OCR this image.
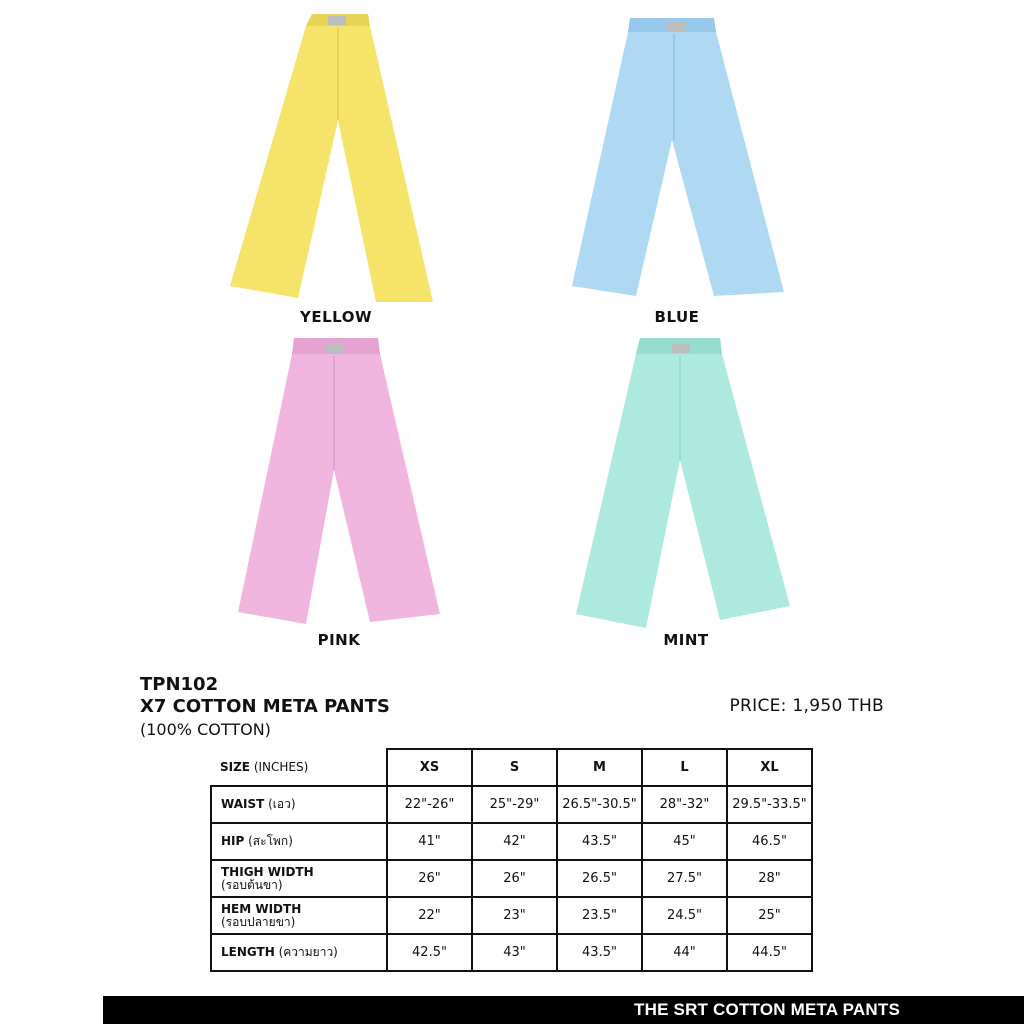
YELLOW	BLUE
PINK	MINT
TPN102
X7 COTTON META PANTS
(100% COTTON)
PRICE: 1,950 THB
SIZE (INCHES)	XS	S	M	L	XL
WAIST (เอว)	22"-26"	25"-29"	26.5"-30.5"	28"-32"	29.5"-33.5"
HIP (สะโพก)	41"	42"	43.5"	45"	46.5"
THIGH WIDTH
(รอบต้นขา)	26"	26"	26.5"	27.5"	28"
HEM WIDTH
(รอบปลายขา)	22"	23"	23.5"	24.5"	25"
LENGTH (ความยาว)	42.5"	43"	43.5"	44"	44.5"
THE SRT COTTON META PANTS
